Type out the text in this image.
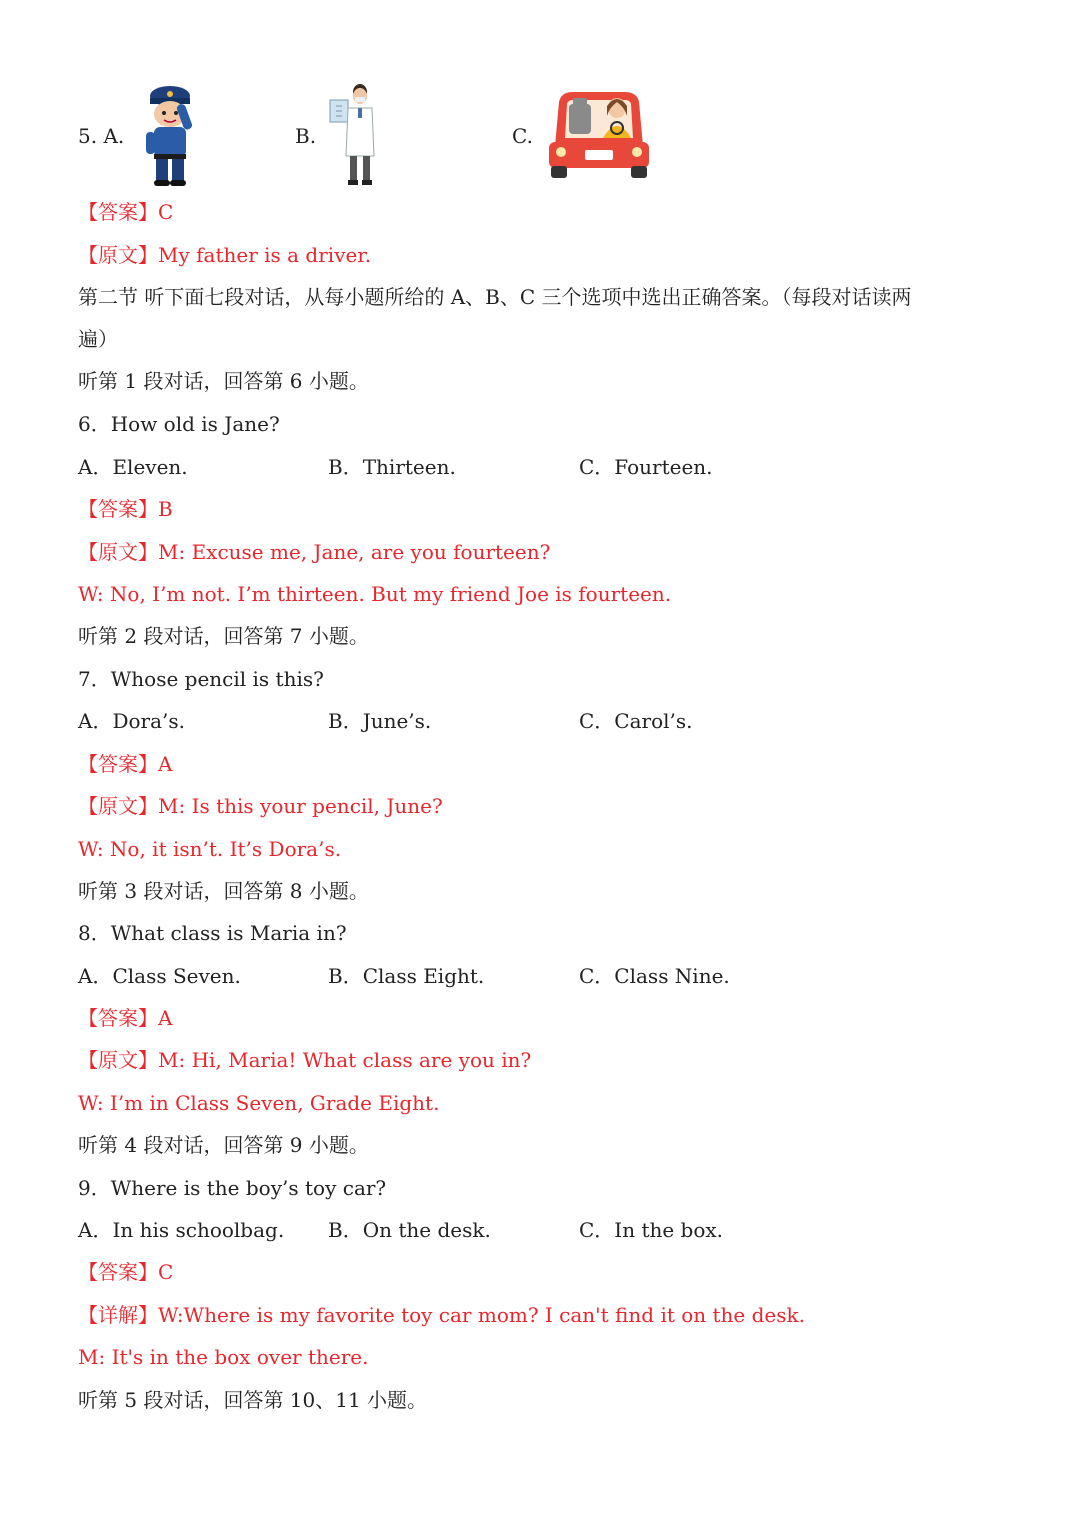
5. A.	B.	C.
【答案】C
【原文】My father is a driver.
第二节 听下面七段对话，从每小题所给的 A、B、C 三个选项中选出正确答案。（每段对话读两
遍）
听第 1 段对话，回答第 6 小题。
6．How old is Jane?
A．Eleven.	B．Thirteen.	C．Fourteen.
【答案】B
【原文】M: Excuse me, Jane, are you fourteen?
W: No, I’m not. I’m thirteen. But my friend Joe is fourteen.
听第 2 段对话，回答第 7 小题。
7．Whose pencil is this?
A．Dora’s.	B．June’s.	C．Carol’s.
【答案】A
【原文】M: Is this your pencil, June?
W: No, it isn’t. It’s Dora’s.
听第 3 段对话，回答第 8 小题。
8．What class is Maria in?
A．Class Seven.	B．Class Eight.	C．Class Nine.
【答案】A
【原文】M: Hi, Maria! What class are you in?
W: I’m in Class Seven, Grade Eight.
听第 4 段对话，回答第 9 小题。
9．Where is the boy’s toy car?
A．In his schoolbag. B．On the desk.	C．In the box.
【答案】C
【详解】W:Where is my favorite toy car mom? I can't find it on the desk.
M: It's in the box over there.
听第 5 段对话，回答第 10、11 小题。
